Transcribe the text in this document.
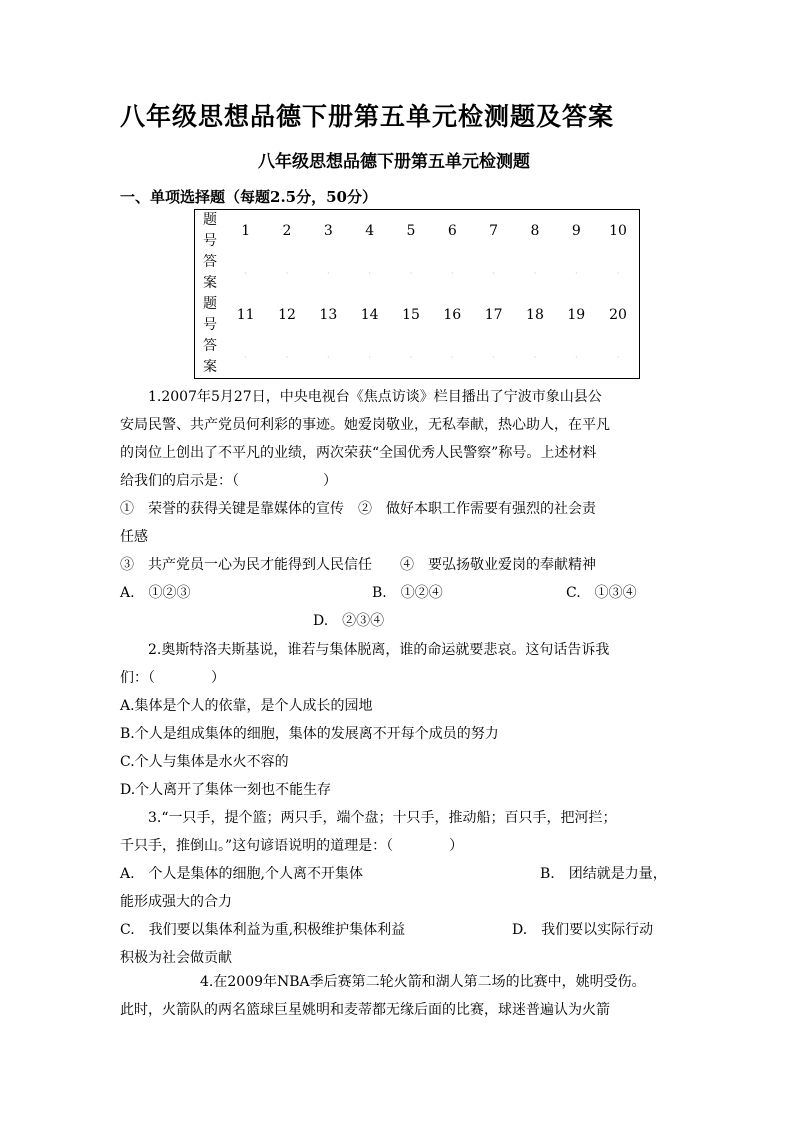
八年级思想品德下册第五单元检测题及答案
八年级思想品德下册第五单元检测题
一、单项选择题（每题2.5分，50分）
题	1	2	3	4	5	6	7	8	9	10
号										
答	·	·	·	·	·	·	·	·	·	·
案										
题	11	12	13	14	15	16	17	18	19	20
号										
答	·	·	·	·	·	·	·	·	·	·
案										
1.2007年5月27日，中央电视台《焦点访谈》栏目播出了宁波市象山县公
安局民警、共产党员何利彩的事迹。她爱岗敬业，无私奉献，热心助人，在平凡
的岗位上创出了不平凡的业绩，两次荣获“全国优秀人民警察”称号。上述材料
给我们的启示是：（　　　　　　）
①　荣誉的获得关键是靠媒体的宣传　②　做好本职工作需要有强烈的社会责
任感
③　共产党员一心为民才能得到人民信任　　④　要弘扬敬业爱岗的奉献精神
A.　①②③	B.　①②④	C.　①③④
D.　②③④
2.奥斯特洛夫斯基说，谁若与集体脱离，谁的命运就要悲哀。这句话告诉我
们：（　　　　）
A.集体是个人的依靠，是个人成长的园地
B.个人是组成集体的细胞，集体的发展离不开每个成员的努力
C.个人与集体是水火不容的
D.个人离开了集体一刻也不能生存
3.“一只手，提个篮；两只手，端个盘；十只手，推动船；百只手，把河拦；
千只手，推倒山。”这句谚语说明的道理是：（　　　　）
A.　个人是集体的细胞,个人离不开集体	B.　团结就是力量，
能形成强大的合力
C.　我们要以集体利益为重,积极维护集体利益	D.　我们要以实际行动
积极为社会做贡献
4.在2009年NBA季后赛第二轮火箭和湖人第二场的比赛中，姚明受伤。
此时，火箭队的两名篮球巨星姚明和麦蒂都无缘后面的比赛，球迷普遍认为火箭
